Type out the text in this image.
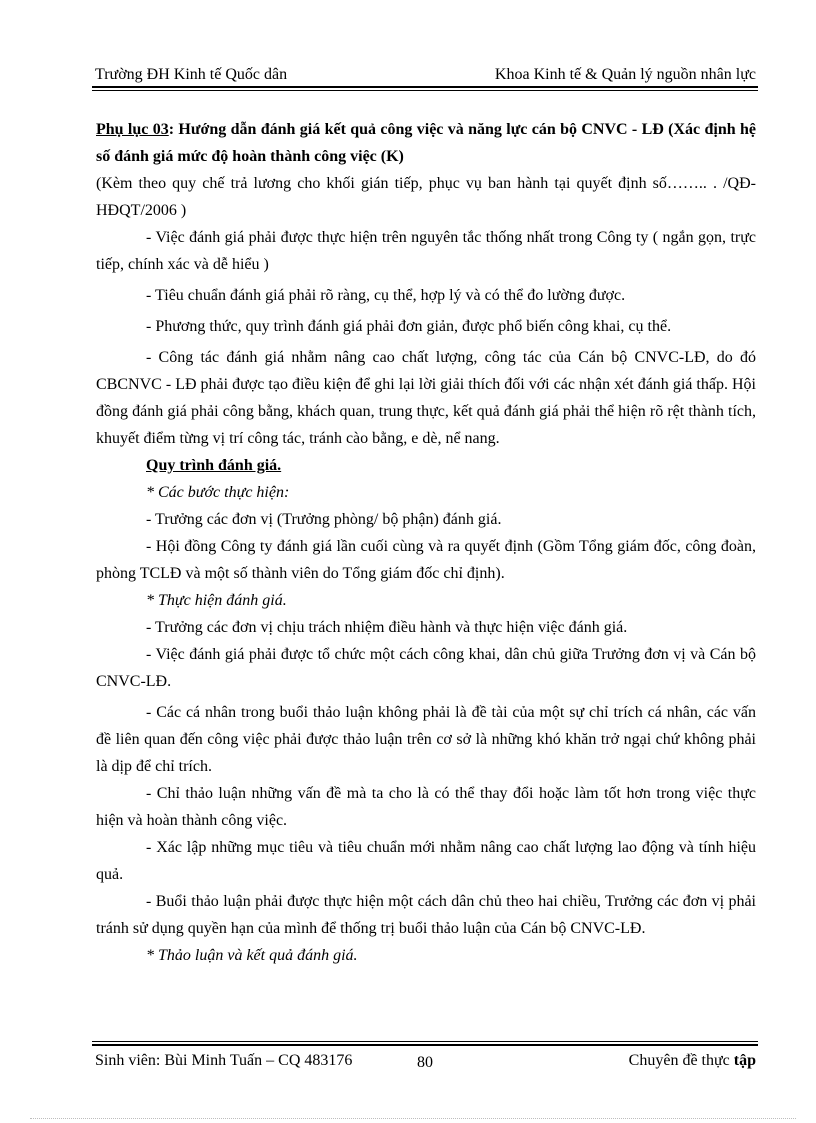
Trường ĐH Kinh tế Quốc dân	Khoa Kinh tế & Quản lý nguồn nhân lực

Phụ lục 03: Hướng dẫn đánh giá kết quả công việc và năng lực cán bộ CNVC - LĐ (Xác định hệ số đánh giá mức độ hoàn thành công việc (K)

(Kèm theo quy chế trả lương cho khối gián tiếp, phục vụ ban hành tại quyết định số…….. . /QĐ-HĐQT/2006 )

- Việc đánh giá phải được thực hiện trên nguyên tắc thống nhất trong Công ty ( ngắn gọn, trực tiếp, chính xác và dễ hiểu )

- Tiêu chuẩn đánh giá phải rõ ràng, cụ thể, hợp lý và có thể đo lường được.

- Phương thức, quy trình đánh giá phải đơn giản, được phổ biến công khai, cụ thể.

- Công tác đánh giá nhằm nâng cao chất lượng, công tác của Cán bộ CNVC-LĐ, do đó CBCNVC - LĐ phải được tạo điều kiện để ghi lại lời giải thích đối với các nhận xét đánh giá thấp. Hội đồng đánh giá phải công bằng, khách quan, trung thực, kết quả đánh giá phải thể hiện rõ rệt thành tích, khuyết điểm từng vị trí công tác, tránh cào bằng, e dè, nể nang.

Quy trình đánh giá.

* Các bước thực hiện:

- Trưởng các đơn vị (Trưởng phòng/ bộ phận) đánh giá.

- Hội đồng Công ty đánh giá lần cuối cùng và ra quyết định (Gồm Tổng giám đốc, công đoàn, phòng TCLĐ và một số thành viên do Tổng giám đốc chỉ định).

* Thực hiện đánh giá.

- Trưởng các đơn vị chịu trách nhiệm điều hành và thực hiện việc đánh giá.

- Việc đánh giá phải được tổ chức một cách công khai, dân chủ giữa Trưởng đơn vị và Cán bộ CNVC-LĐ.

- Các cá nhân trong buổi thảo luận không phải là đề tài của một sự chỉ trích cá nhân, các vấn đề liên quan đến công việc phải được thảo luận trên cơ sở là những khó khăn trở ngại chứ không phải là dịp để chỉ trích.

- Chỉ thảo luận những vấn đề mà ta cho là có thể thay đổi hoặc làm tốt hơn trong việc thực hiện và hoàn thành công việc.

- Xác lập những mục tiêu và tiêu chuẩn mới nhằm nâng cao chất lượng lao động và tính hiệu quả.

- Buổi thảo luận phải được thực hiện một cách dân chủ theo hai chiều, Trưởng các đơn vị phải tránh sử dụng quyền hạn của mình để thống trị buổi thảo luận của Cán bộ CNVC-LĐ.

* Thảo luận và kết quả đánh giá.

Sinh viên: Bùi Minh Tuấn – CQ 483176	80	Chuyên đề thực tập
